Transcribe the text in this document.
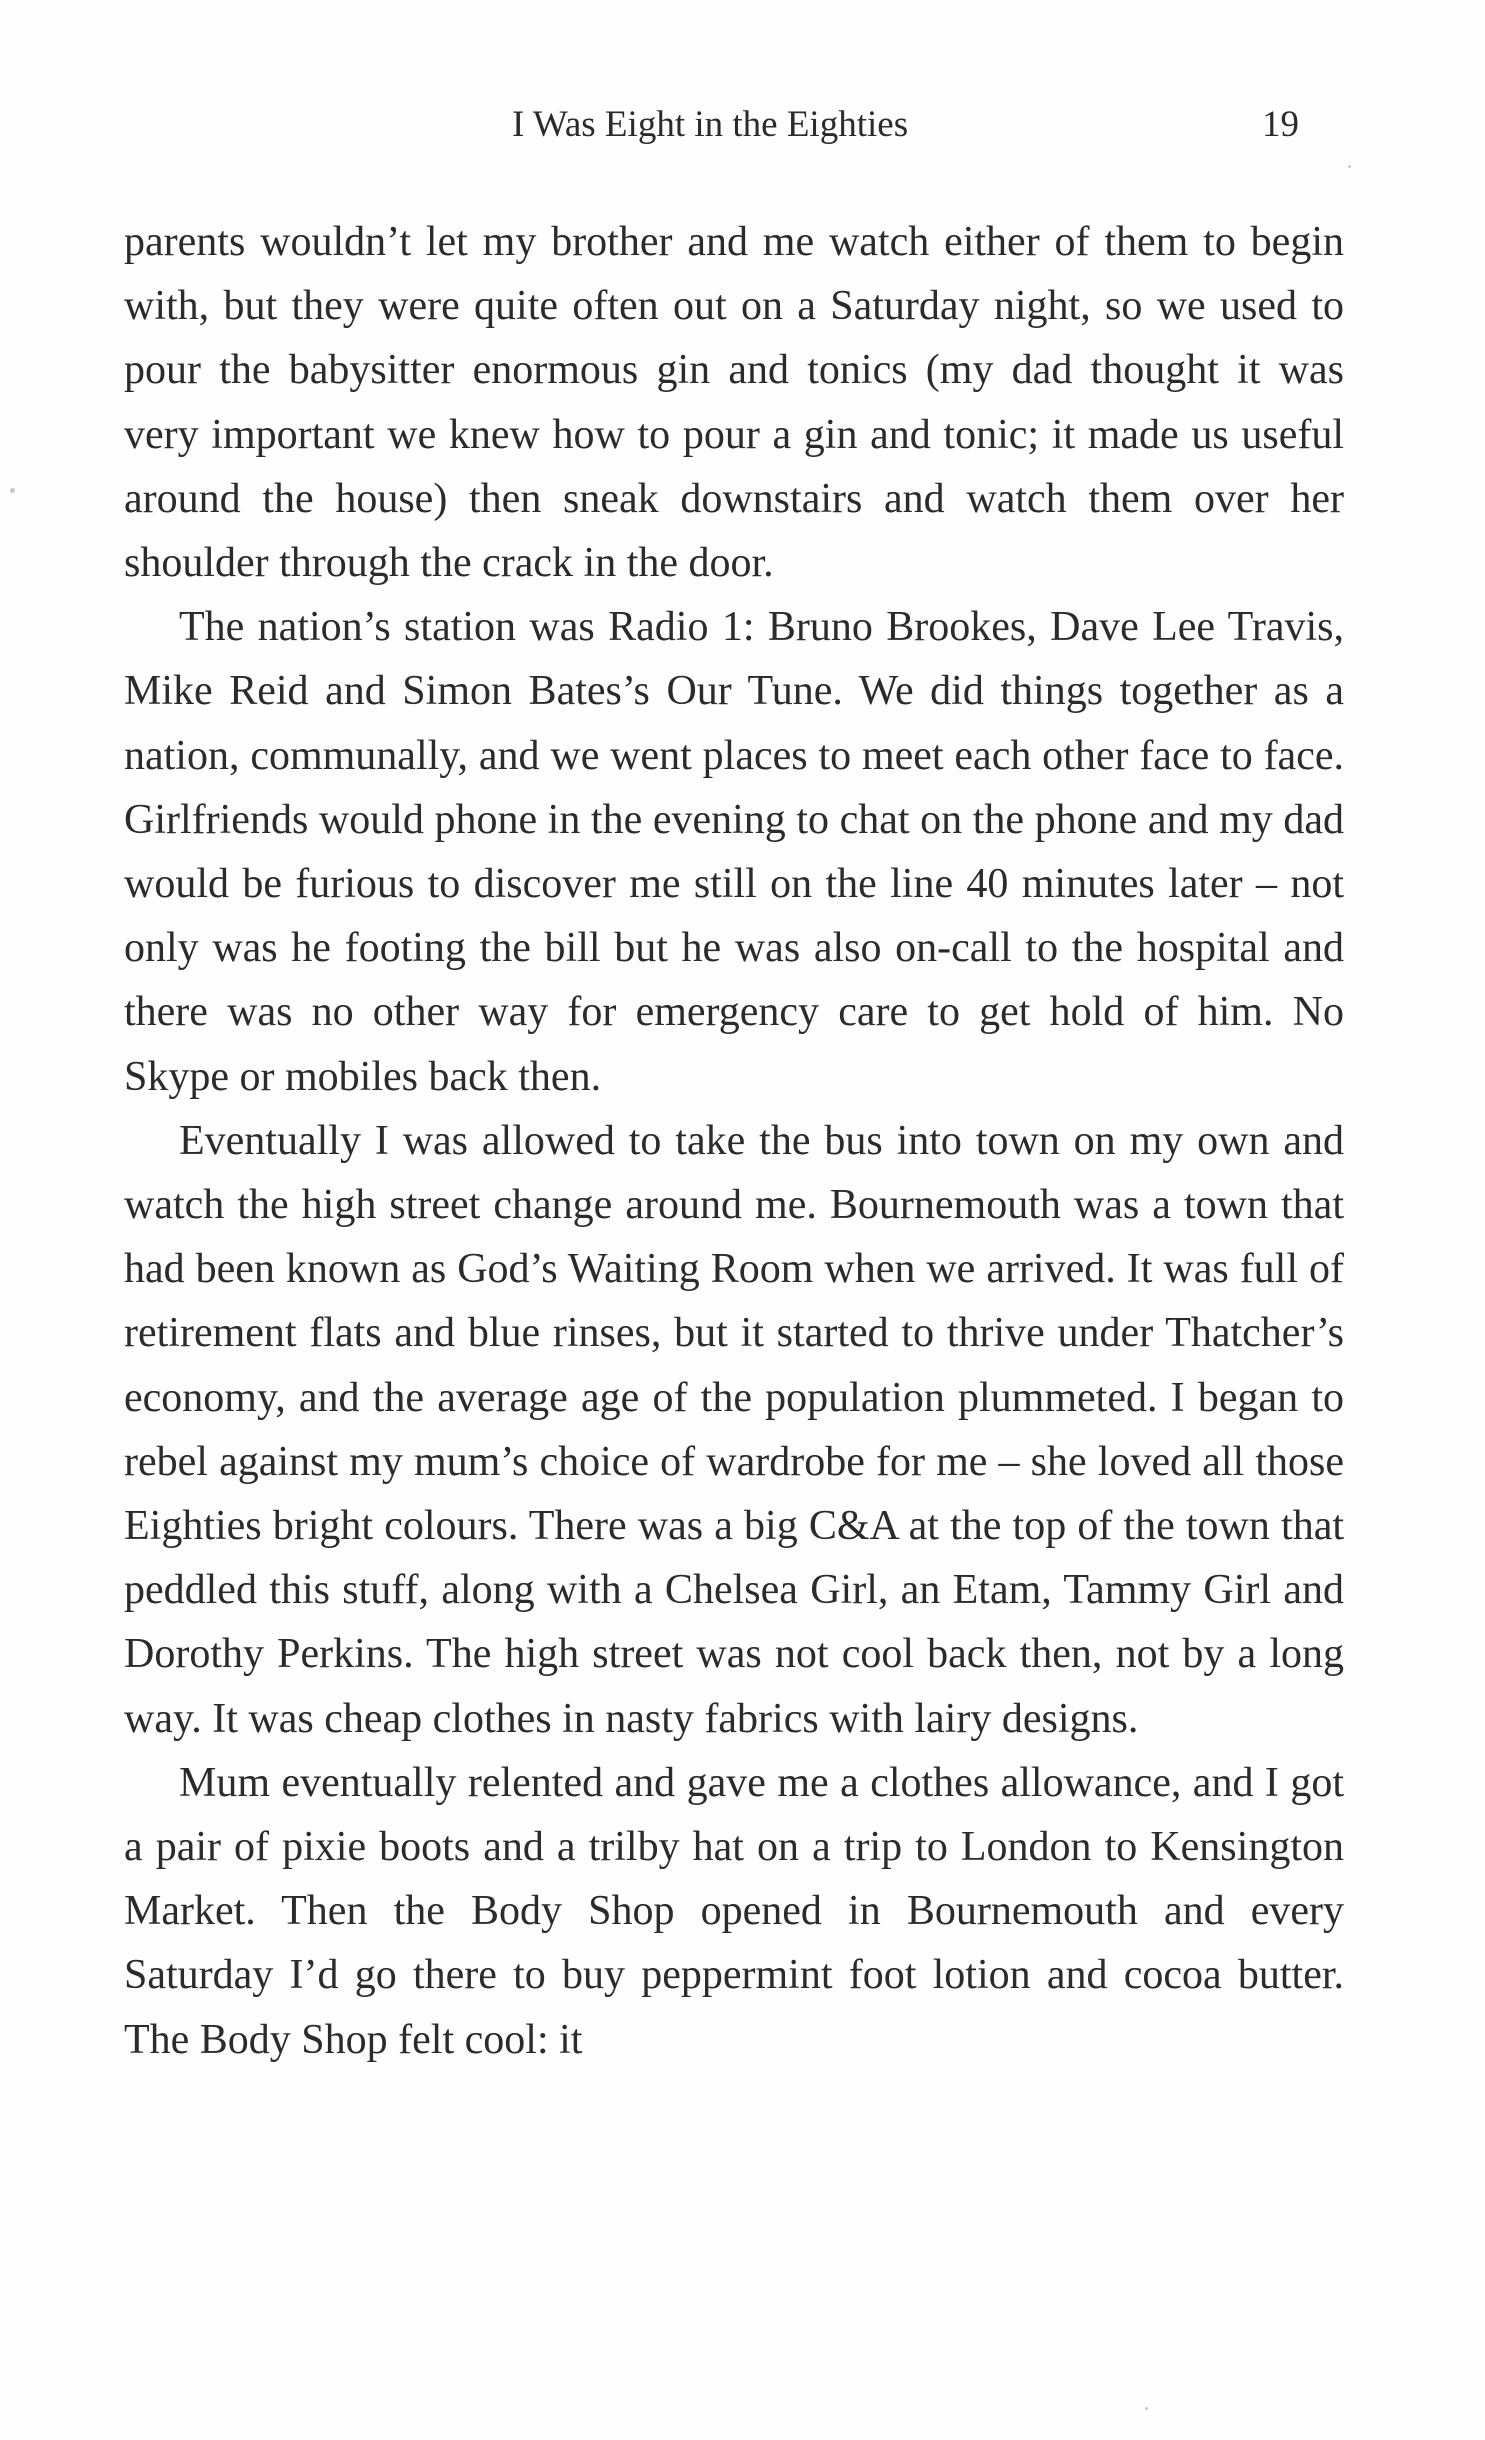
I Was Eight in the Eighties	19

parents wouldn’t let my brother and me watch either of them to begin with, but they were quite often out on a Saturday night, so we used to pour the babysitter enormous gin and tonics (my dad thought it was very important we knew how to pour a gin and tonic; it made us useful around the house) then sneak downstairs and watch them over her shoulder through the crack in the door.

The nation’s station was Radio 1: Bruno Brookes, Dave Lee Travis, Mike Reid and Simon Bates’s Our Tune. We did things together as a nation, communally, and we went places to meet each other face to face. Girlfriends would phone in the evening to chat on the phone and my dad would be furious to discover me still on the line 40 minutes later – not only was he footing the bill but he was also on-call to the hospital and there was no other way for emergency care to get hold of him. No Skype or mobiles back then.

Eventually I was allowed to take the bus into town on my own and watch the high street change around me. Bournemouth was a town that had been known as God’s Waiting Room when we arrived. It was full of retirement flats and blue rinses, but it started to thrive under Thatcher’s economy, and the average age of the population plummeted. I began to rebel against my mum’s choice of wardrobe for me – she loved all those Eighties bright colours. There was a big C&A at the top of the town that peddled this stuff, along with a Chelsea Girl, an Etam, Tammy Girl and Dorothy Perkins. The high street was not cool back then, not by a long way. It was cheap clothes in nasty fabrics with lairy designs.

Mum eventually relented and gave me a clothes allowance, and I got a pair of pixie boots and a trilby hat on a trip to London to Kensington Market. Then the Body Shop opened in Bournemouth and every Saturday I’d go there to buy peppermint foot lotion and cocoa butter. The Body Shop felt cool: it
